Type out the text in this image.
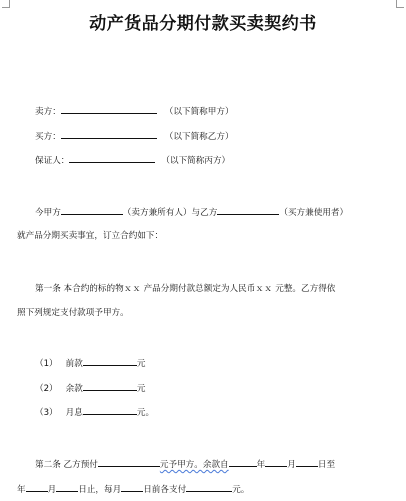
动产货品分期付款买卖契约书
卖方：	（以下简称甲方）
买方：	（以下简称乙方）
保证人：	（以下简称丙方）
今甲方	（卖方兼所有人）与乙方	（买方兼使用者）
就产品分期买卖事宜，订立合约如下：
第一条 本合约的标的物ｘｘ 产品分期付款总额定为人民币ｘｘ 元整。乙方得依
照下列规定支付款项予甲方。
（1） 前款	元
（2） 余款	元
（3） 月息	元。
第二条 乙方预付	元予甲方。余款自	年	月	日至
年	月	日止，每月	日前各支付	元。
